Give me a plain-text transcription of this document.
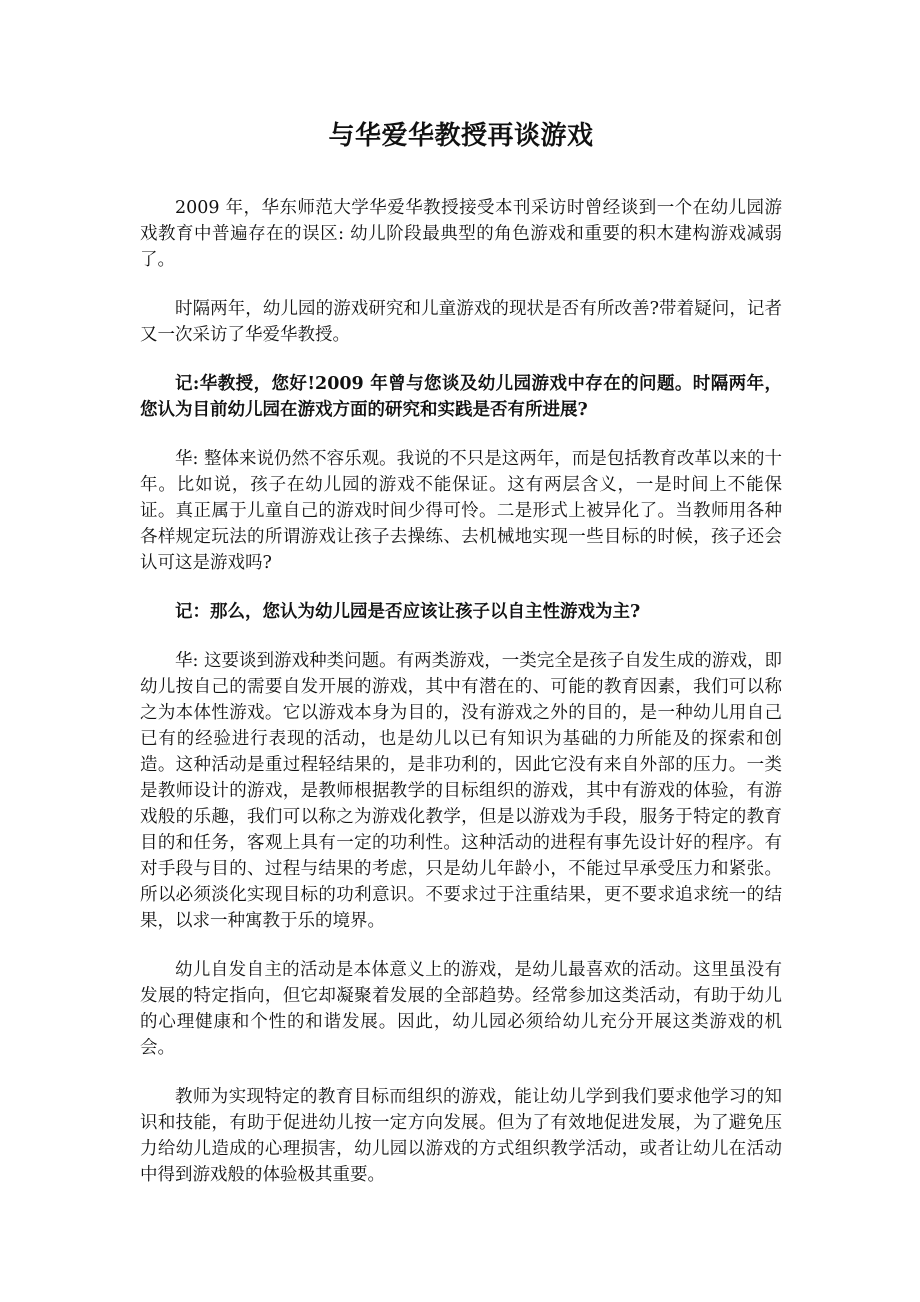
与华爱华教授再谈游戏

2009 年，华东师范大学华爱华教授接受本刊采访时曾经谈到一个在幼儿园游戏教育中普遍存在的误区: 幼儿阶段最典型的角色游戏和重要的积木建构游戏减弱了。

时隔两年，幼儿园的游戏研究和儿童游戏的现状是否有所改善?带着疑问，记者又一次采访了华爱华教授。

记:华教授，您好!2009 年曾与您谈及幼儿园游戏中存在的问题。时隔两年，您认为目前幼儿园在游戏方面的研究和实践是否有所进展?

华: 整体来说仍然不容乐观。我说的不只是这两年，而是包括教育改革以来的十年。比如说，孩子在幼儿园的游戏不能保证。这有两层含义，一是时间上不能保证。真正属于儿童自己的游戏时间少得可怜。二是形式上被异化了。当教师用各种各样规定玩法的所谓游戏让孩子去操练、去机械地实现一些目标的时候，孩子还会认可这是游戏吗?

记：那么，您认为幼儿园是否应该让孩子以自主性游戏为主?

华: 这要谈到游戏种类问题。有两类游戏，一类完全是孩子自发生成的游戏，即幼儿按自己的需要自发开展的游戏，其中有潜在的、可能的教育因素，我们可以称之为本体性游戏。它以游戏本身为目的，没有游戏之外的目的，是一种幼儿用自己已有的经验进行表现的活动，也是幼儿以已有知识为基础的力所能及的探索和创造。这种活动是重过程轻结果的，是非功利的，因此它没有来自外部的压力。一类是教师设计的游戏，是教师根据教学的目标组织的游戏，其中有游戏的体验，有游戏般的乐趣，我们可以称之为游戏化教学，但是以游戏为手段，服务于特定的教育目的和任务，客观上具有一定的功利性。这种活动的进程有事先设计好的程序。有对手段与目的、过程与结果的考虑，只是幼儿年龄小，不能过早承受压力和紧张。所以必须淡化实现目标的功利意识。不要求过于注重结果，更不要求追求统一的结果，以求一种寓教于乐的境界。

幼儿自发自主的活动是本体意义上的游戏，是幼儿最喜欢的活动。这里虽没有发展的特定指向，但它却凝聚着发展的全部趋势。经常参加这类活动，有助于幼儿的心理健康和个性的和谐发展。因此，幼儿园必须给幼儿充分开展这类游戏的机会。

教师为实现特定的教育目标而组织的游戏，能让幼儿学到我们要求他学习的知识和技能，有助于促进幼儿按一定方向发展。但为了有效地促进发展，为了避免压力给幼儿造成的心理损害，幼儿园以游戏的方式组织教学活动，或者让幼儿在活动中得到游戏般的体验极其重要。
